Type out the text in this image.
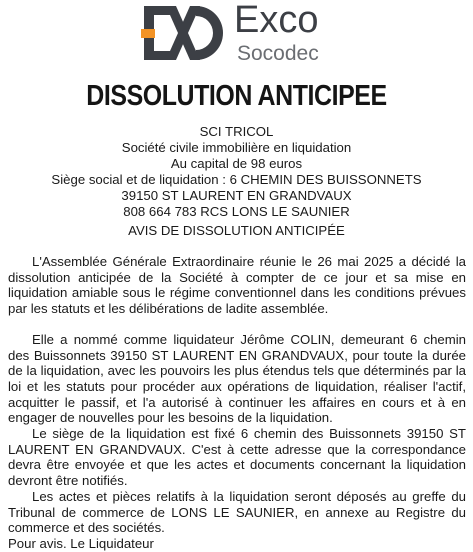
Exco
Socodec
DISSOLUTION ANTICIPEE
SCI TRICOL
Société civile immobilière en liquidation
Au capital de 98 euros
Siège social et de liquidation : 6 CHEMIN DES BUISSONNETS
39150 ST LAURENT EN GRANDVAUX
808 664 783 RCS LONS LE SAUNIER
AVIS DE DISSOLUTION ANTICIPÉE

L'Assemblée Générale Extraordinaire réunie le 26 mai 2025 a décidé la dissolution anticipée de la Société à compter de ce jour et sa mise en liquidation amiable sous le régime conventionnel dans les conditions prévues par les statuts et les délibérations de ladite assemblée.

Elle a nommé comme liquidateur Jérôme COLIN, demeurant 6 chemin des Buissonnets 39150 ST LAURENT EN GRANDVAUX, pour toute la durée de la liquidation, avec les pouvoirs les plus étendus tels que déterminés par la loi et les statuts pour procéder aux opérations de liquidation, réaliser l'actif, acquitter le passif, et l'a autorisé à continuer les affaires en cours et à en engager de nouvelles pour les besoins de la liquidation.

Le siège de la liquidation est fixé 6 chemin des Buissonnets 39150 ST LAURENT EN GRANDVAUX. C'est à cette adresse que la correspondance devra être envoyée et que les actes et documents concernant la liquidation devront être notifiés.

Les actes et pièces relatifs à la liquidation seront déposés au greffe du Tribunal de commerce de LONS LE SAUNIER, en annexe au Registre du commerce et des sociétés.

Pour avis. Le Liquidateur
